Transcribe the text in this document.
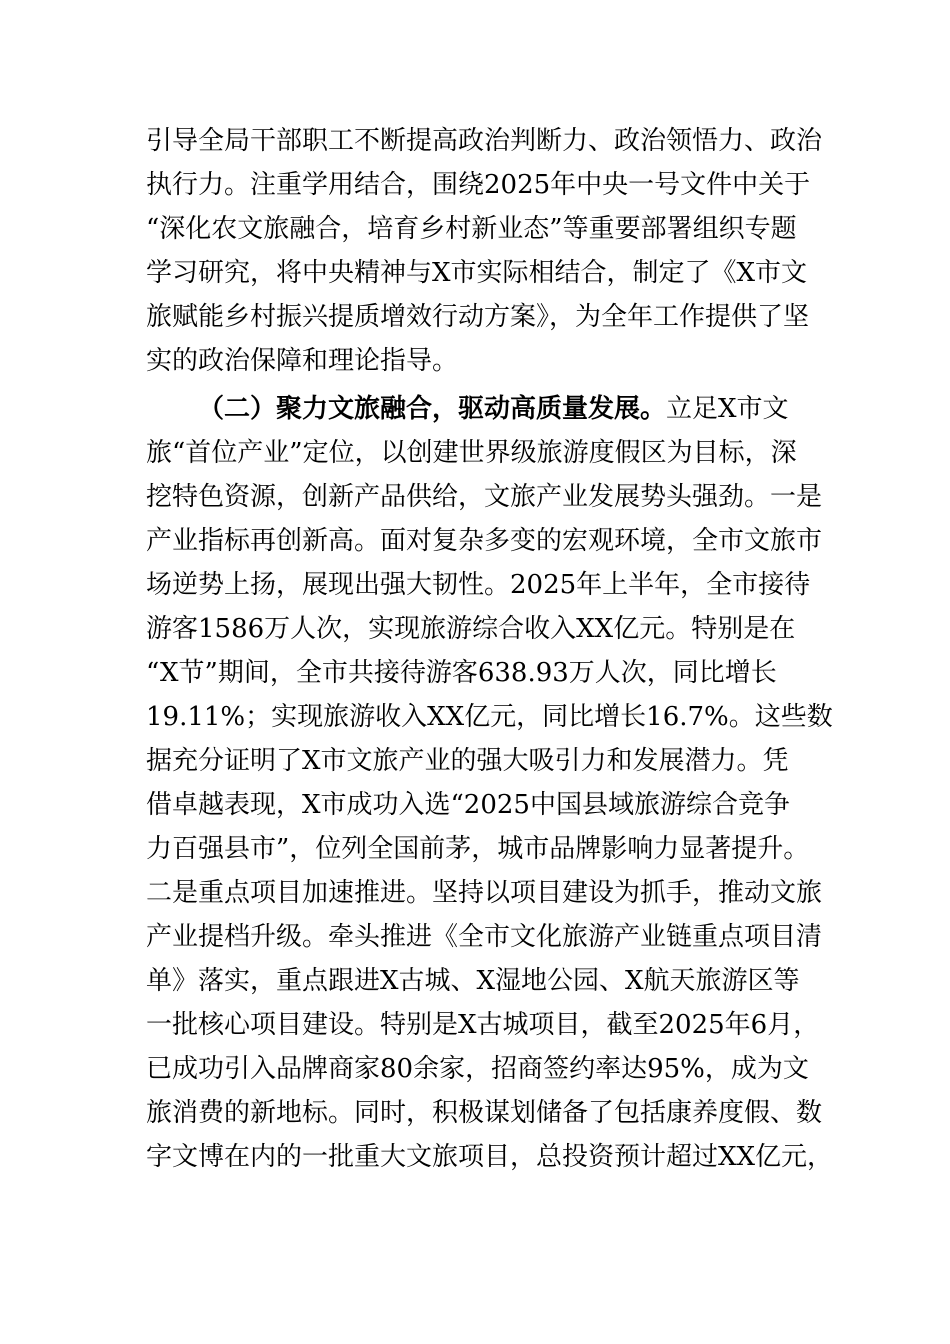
引导全局干部职工不断提高政治判断力、政治领悟力、政治
执行力。注重学用结合，围绕2025年中央一号文件中关于
“深化农文旅融合，培育乡村新业态”等重要部署组织专题
学习研究，将中央精神与X市实际相结合，制定了《X市文
旅赋能乡村振兴提质增效行动方案》，为全年工作提供了坚
实的政治保障和理论指导。
（二）聚力文旅融合，驱动高质量发展。立足X市文
旅“首位产业”定位，以创建世界级旅游度假区为目标，深
挖特色资源，创新产品供给，文旅产业发展势头强劲。一是
产业指标再创新高。面对复杂多变的宏观环境，全市文旅市
场逆势上扬，展现出强大韧性。2025年上半年，全市接待
游客1586万人次，实现旅游综合收入XX亿元。特别是在
“X节”期间，全市共接待游客638.93万人次，同比增长
19.11%；实现旅游收入XX亿元，同比增长16.7%。这些数
据充分证明了X市文旅产业的强大吸引力和发展潜力。凭
借卓越表现，X市成功入选“2025中国县域旅游综合竞争
力百强县市”，位列全国前茅，城市品牌影响力显著提升。
二是重点项目加速推进。坚持以项目建设为抓手，推动文旅
产业提档升级。牵头推进《全市文化旅游产业链重点项目清
单》落实，重点跟进X古城、X湿地公园、X航天旅游区等
一批核心项目建设。特别是X古城项目，截至2025年6月，
已成功引入品牌商家80余家，招商签约率达95%，成为文
旅消费的新地标。同时，积极谋划储备了包括康养度假、数
字文博在内的一批重大文旅项目，总投资预计超过XX亿元，
